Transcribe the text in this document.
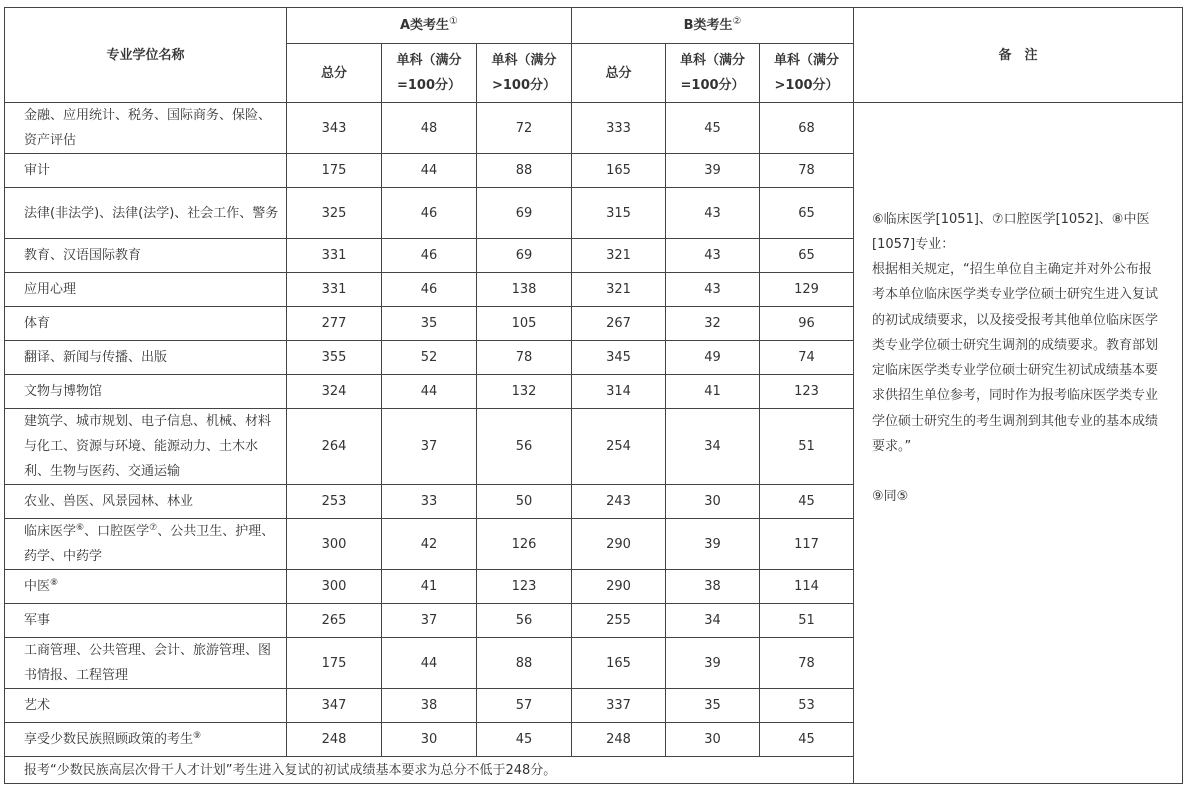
专业学位名称	A类考生①			B类考生②			备　注
	总分	单科（满分=100分）	单科（满分>100分）	总分	单科（满分=100分）	单科（满分>100分）	
金融、应用统计、税务、国际商务、保险、资产评估	343	48	72	333	45	68	⑥临床医学[1051]、⑦口腔医学[1052]、⑧中医[1057]专业：
根据相关规定，“招生单位自主确定并对外公布报考本单位临床医学类专业学位硕士研究生进入复试的初试成绩要求，以及接受报考其他单位临床医学类专业学位硕士研究生调剂的成绩要求。教育部划定临床医学类专业学位硕士研究生初试成绩基本要求供招生单位参考，同时作为报考临床医学类专业学位硕士研究生的考生调剂到其他专业的基本成绩要求。”
⑨同⑤

审计	175	44	88	165	39	78	
法律(非法学)、法律(法学)、社会工作、警务	325	46	69	315	43	65	
教育、汉语国际教育	331	46	69	321	43	65	
应用心理	331	46	138	321	43	129	
体育	277	35	105	267	32	96	
翻译、新闻与传播、出版	355	52	78	345	49	74	
文物与博物馆	324	44	132	314	41	123	
建筑学、城市规划、电子信息、机械、材料与化工、资源与环境、能源动力、土木水利、生物与医药、交通运输	264	37	56	254	34	51	
农业、兽医、风景园林、林业	253	33	50	243	30	45	
临床医学⑥、口腔医学⑦、公共卫生、护理、药学、中药学	300	42	126	290	39	117	
中医⑧	300	41	123	290	38	114	
军事	265	37	56	255	34	51	
工商管理、公共管理、会计、旅游管理、图书情报、工程管理	175	44	88	165	39	78	
艺术	347	38	57	337	35	53	
享受少数民族照顾政策的考生⑨	248	30	45	248	30	45	
报考“少数民族高层次骨干人才计划”考生进入复试的初试成绩基本要求为总分不低于248分。							
